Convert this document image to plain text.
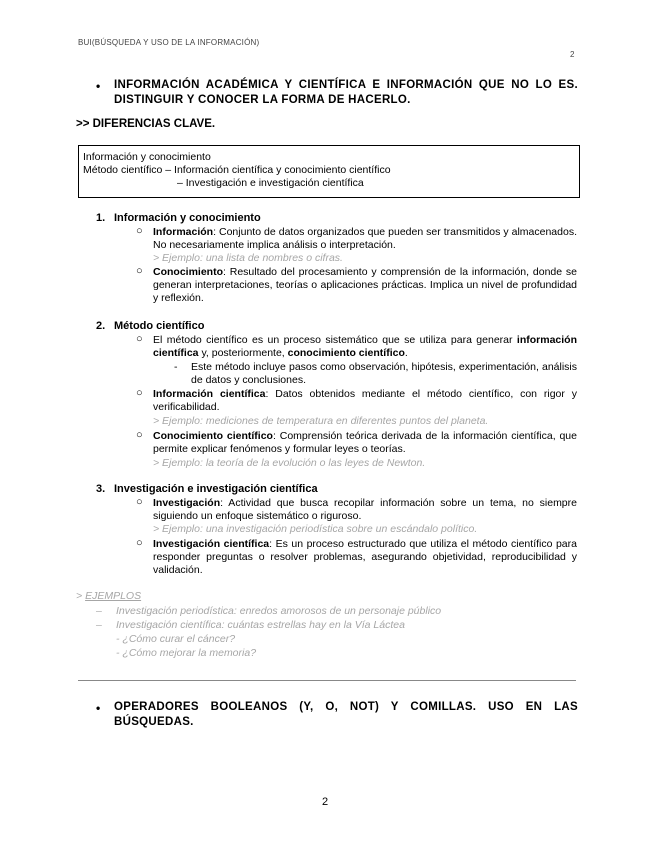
BUI(BÚSQUEDA Y USO DE LA INFORMACIÓN)
2
• INFORMACIÓN ACADÉMICA Y CIENTÍFICA E INFORMACIÓN QUE NO LO ES. DISTINGUIR Y CONOCER LA FORMA DE HACERLO.
>> DIFERENCIAS CLAVE.
Información y conocimiento
Método científico – Información científica y conocimiento científico
– Investigación e investigación científica
1. Información y conocimiento
○ Información: Conjunto de datos organizados que pueden ser transmitidos y almacenados. No necesariamente implica análisis o interpretación.
> Ejemplo: una lista de nombres o cifras.
○ Conocimiento: Resultado del procesamiento y comprensión de la información, donde se generan interpretaciones, teorías o aplicaciones prácticas. Implica un nivel de profundidad y reflexión.
2. Método científico
○ El método científico es un proceso sistemático que se utiliza para generar información científica y, posteriormente, conocimiento científico.
- Este método incluye pasos como observación, hipótesis, experimentación, análisis de datos y conclusiones.
○ Información científica: Datos obtenidos mediante el método científico, con rigor y verificabilidad.
> Ejemplo: mediciones de temperatura en diferentes puntos del planeta.
○ Conocimiento científico: Comprensión teórica derivada de la información científica, que permite explicar fenómenos y formular leyes o teorías.
> Ejemplo: la teoría de la evolución o las leyes de Newton.
3. Investigación e investigación científica
○ Investigación: Actividad que busca recopilar información sobre un tema, no siempre siguiendo un enfoque sistemático o riguroso.
> Ejemplo: una investigación periodística sobre un escándalo político.
○ Investigación científica: Es un proceso estructurado que utiliza el método científico para responder preguntas o resolver problemas, asegurando objetividad, reproducibilidad y validación.
> EJEMPLOS
– Investigación periodística: enredos amorosos de un personaje público
– Investigación científica: cuántas estrellas hay en la Vía Láctea
- ¿Cómo curar el cáncer?
- ¿Cómo mejorar la memoria?
• OPERADORES BOOLEANOS (Y, O, NOT) Y COMILLAS. USO EN LAS BÚSQUEDAS.
2
